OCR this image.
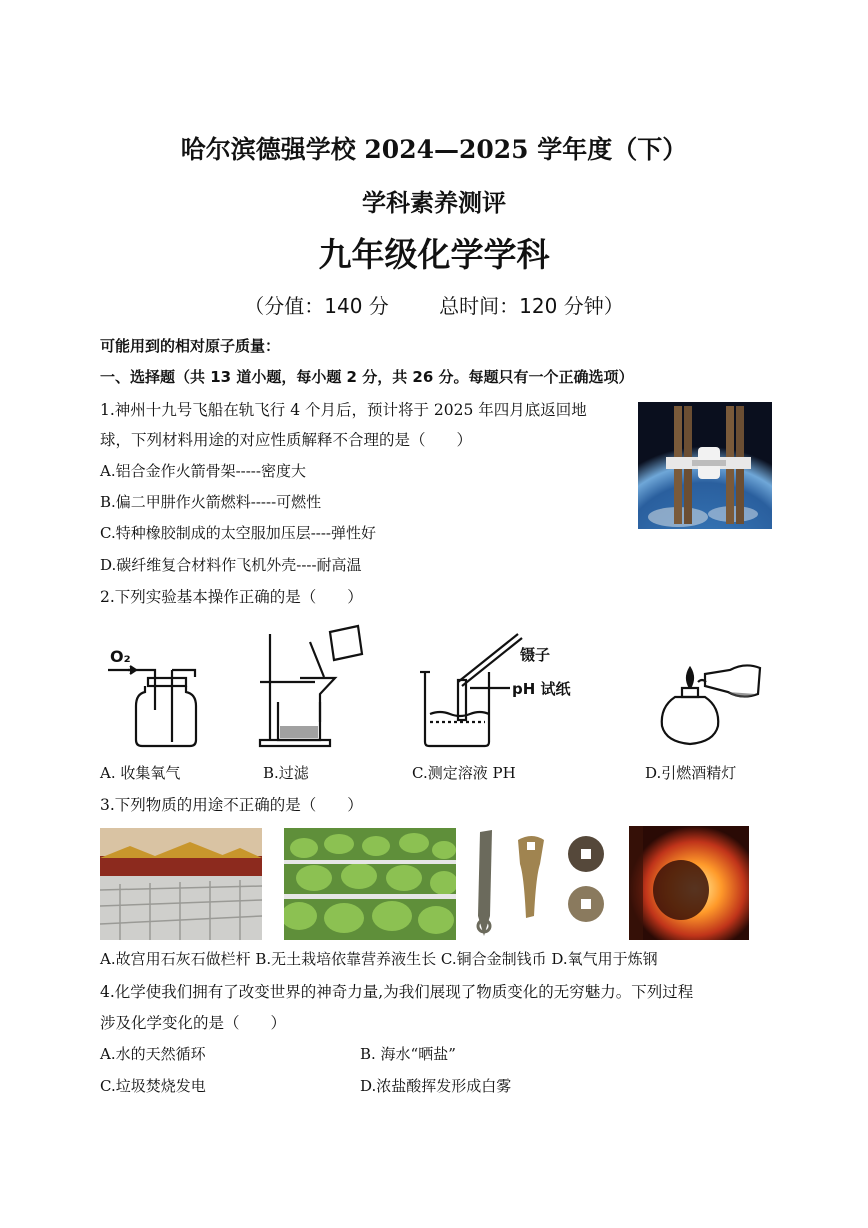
哈尔滨德强学校 2024—2025 学年度（下）
学科素养测评
九年级化学学科
（分值：140 分	总时间：120 分钟）
可能用到的相对原子质量：
一、选择题（共 13 道小题，每小题 2 分，共 26 分。每题只有一个正确选项）
1.神州十九号飞船在轨飞行 4 个月后，预计将于 2025 年四月底返回地
球，下列材料用途的对应性质解释不合理的是（　　）
A.铝合金作火箭骨架-----密度大
B.偏二甲肼作火箭燃料-----可燃性
C.特种橡胶制成的太空服加压层----弹性好
D.碳纤维复合材料作飞机外壳----耐高温
2.下列实验基本操作正确的是（　　）
O₂	镊子
pH 试纸
A. 收集氧气	B.过滤	C.测定溶液 PH	D.引燃酒精灯
3.下列物质的用途不正确的是（　　）
A.故宫用石灰石做栏杆 B.无土栽培依靠营养液生长 C.铜合金制钱币 D.氧气用于炼钢
4.化学使我们拥有了改变世界的神奇力量,为我们展现了物质变化的无穷魅力。下列过程
涉及化学变化的是（　　）
A.水的天然循环	B. 海水“晒盐”
C.垃圾焚烧发电	D.浓盐酸挥发形成白雾
